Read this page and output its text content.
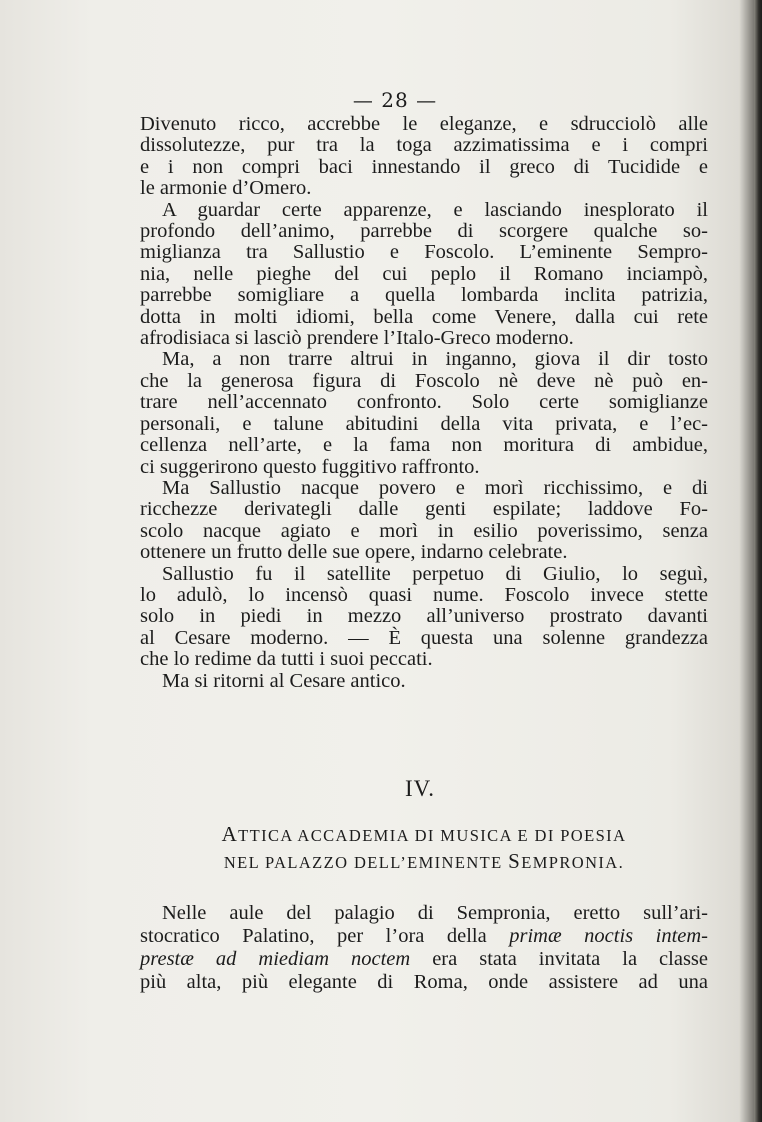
— 28 —

Divenuto ricco, accrebbe le eleganze, e sdrucciolò alle
dissolutezze, pur tra la toga azzimatissima e i compri
e i non compri baci innestando il greco di Tucidide e
le armonie d’Omero.

A guardar certe apparenze, e lasciando inesplorato il
profondo dell’animo, parrebbe di scorgere qualche so-
miglianza tra Sallustio e Foscolo. L’eminente Sempro-
nia, nelle pieghe del cui peplo il Romano inciampò,
parrebbe somigliare a quella lombarda inclita patrizia,
dotta in molti idiomi, bella come Venere, dalla cui rete
afrodisiaca si lasciò prendere l’Italo-Greco moderno.

Ma, a non trarre altrui in inganno, giova il dir tosto
che la generosa figura di Foscolo nè deve nè può en-
trare nell’accennato confronto. Solo certe somiglianze
personali, e talune abitudini della vita privata, e l’ec-
cellenza nell’arte, e la fama non moritura di ambidue,
ci suggerirono questo fuggitivo raffronto.

Ma Sallustio nacque povero e morì ricchissimo, e di
ricchezze derivategli dalle genti espilate; laddove Fo-
scolo nacque agiato e morì in esilio poverissimo, senza
ottenere un frutto delle sue opere, indarno celebrate.

Sallustio fu il satellite perpetuo di Giulio, lo seguì,
lo adulò, lo incensò quasi nume. Foscolo invece stette
solo in piedi in mezzo all’universo prostrato davanti
al Cesare moderno. — È questa una solenne grandezza
che lo redime da tutti i suoi peccati.

Ma si ritorni al Cesare antico.

IV.
ATTICA ACCADEMIA DI MUSICA E DI POESIA
NEL PALAZZO DELL’EMINENTE SEMPRONIA.

Nelle aule del palagio di Sempronia, eretto sull’ari-
stocratico Palatino, per l’ora della primæ noctis intem-
prestæ ad miediam noctem era stata invitata la classe
più alta, più elegante di Roma, onde assistere ad una
